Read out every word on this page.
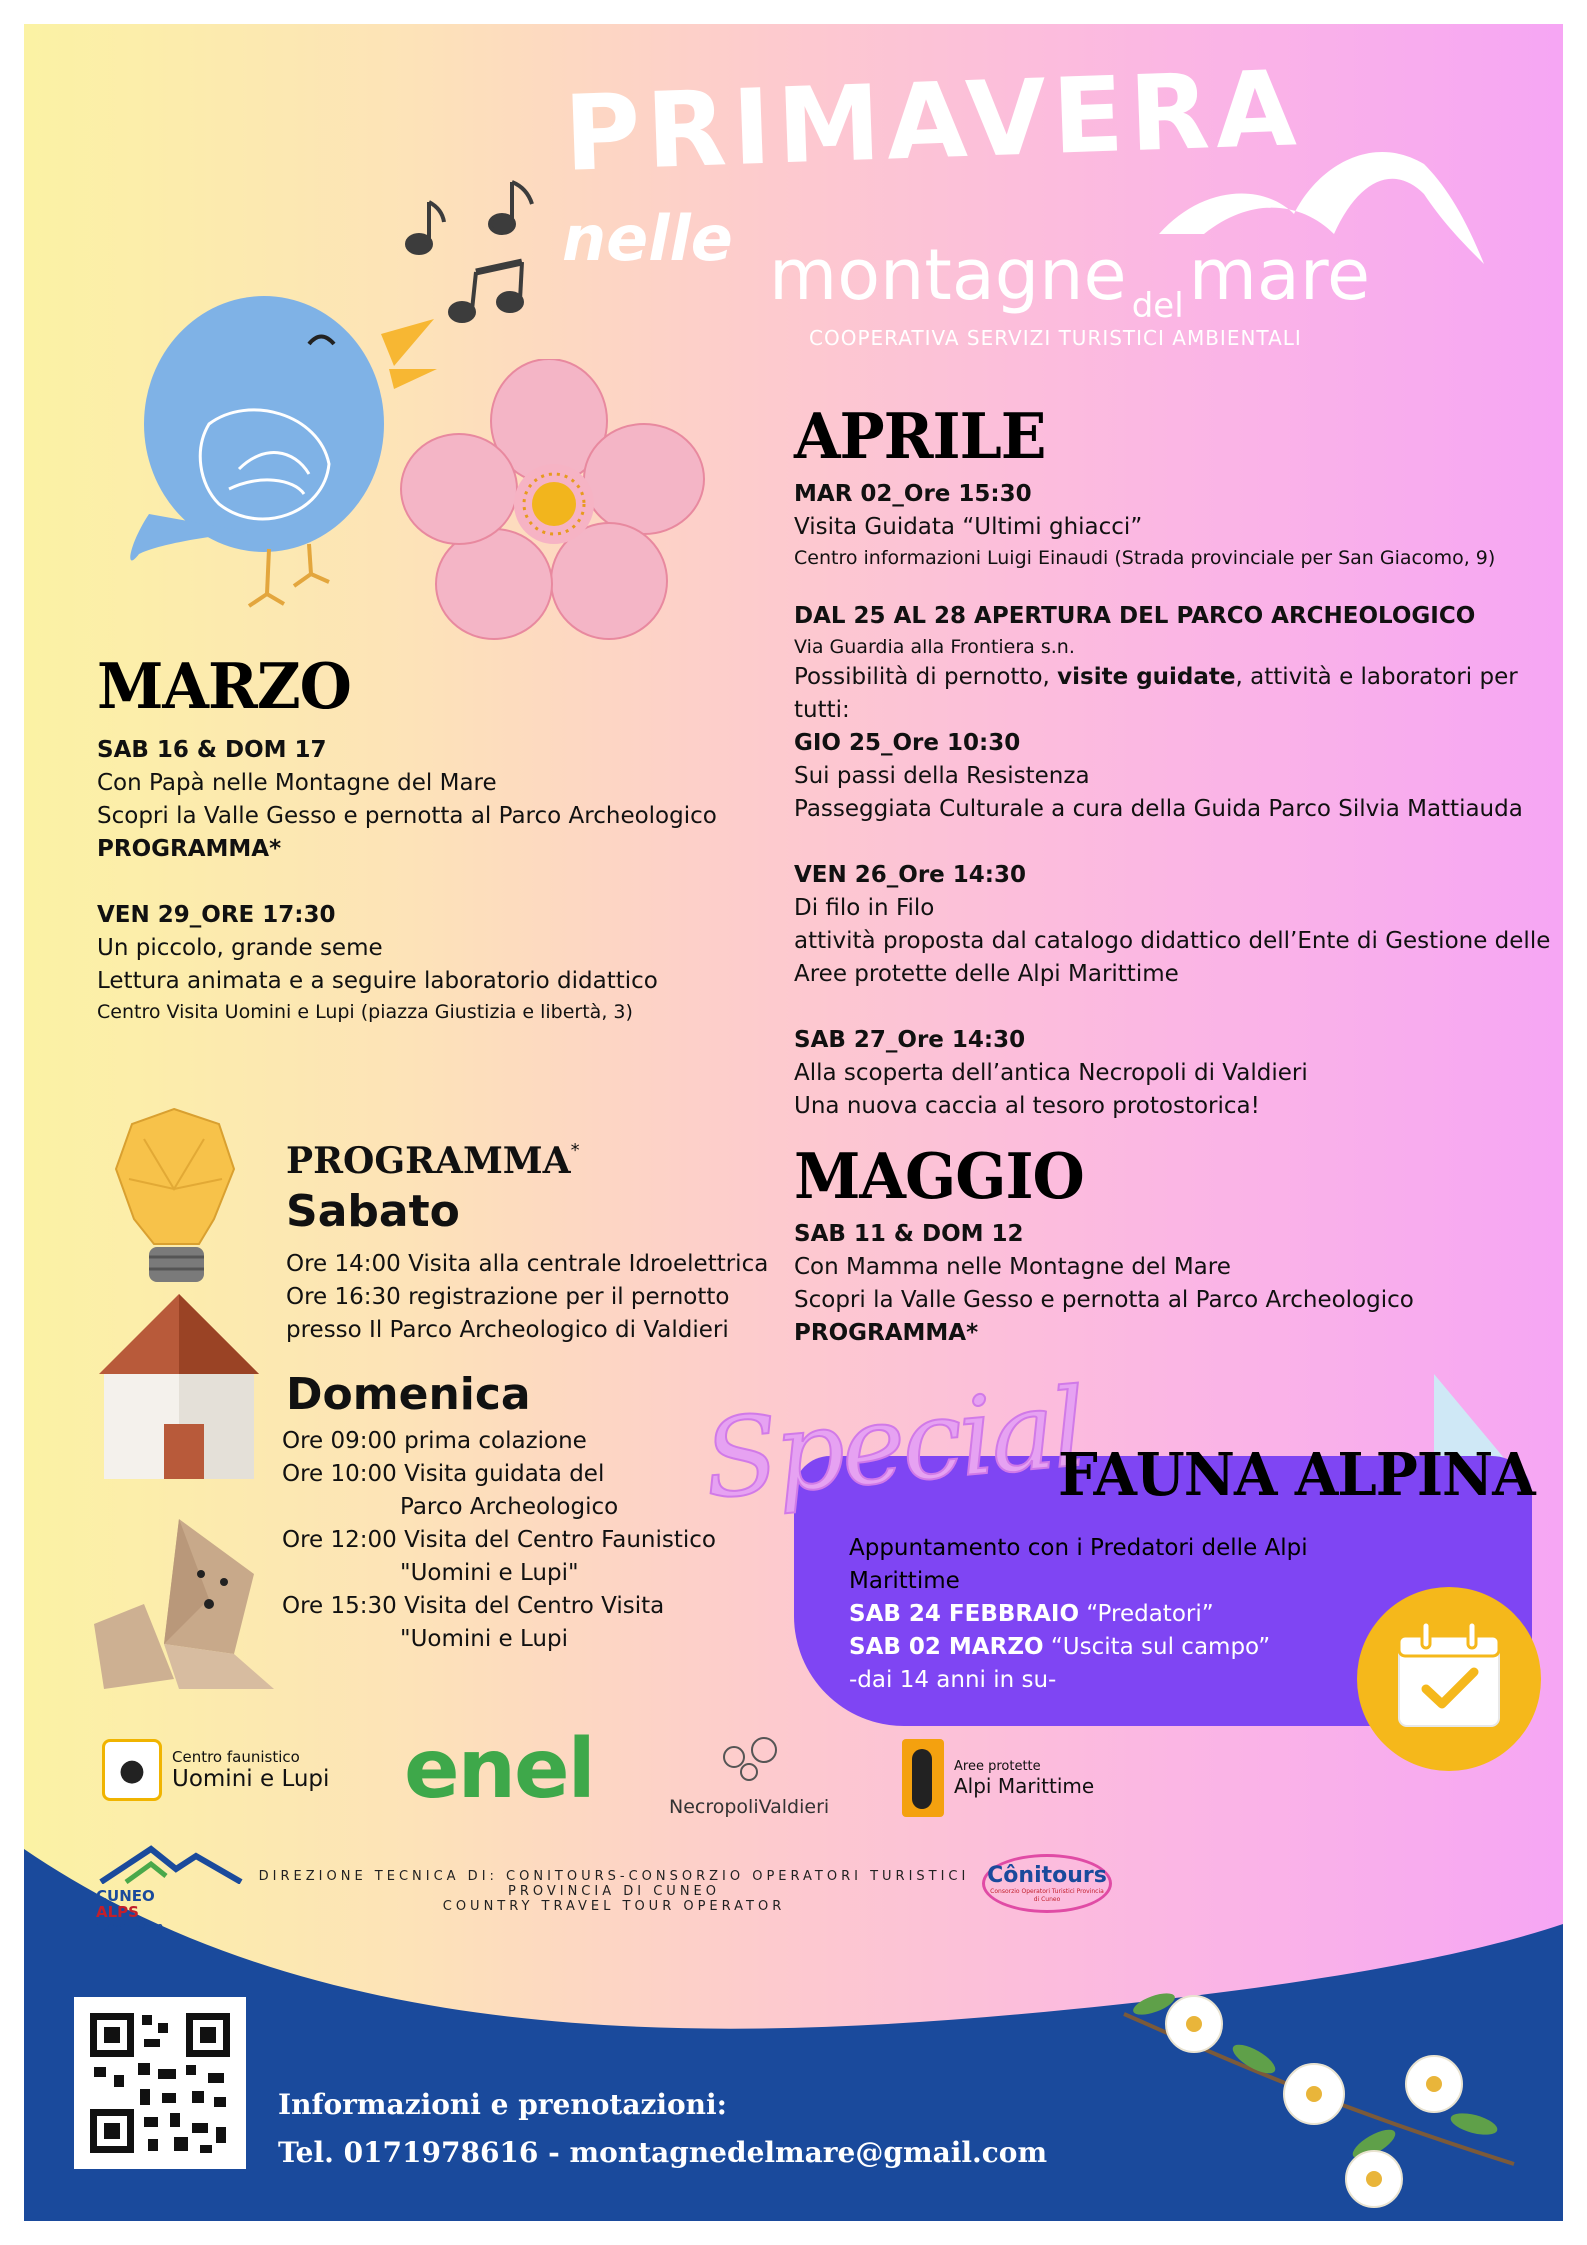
PRIMAVERA
nelle montagne del mare
COOPERATIVA SERVIZI TURISTICI AMBIENTALI
MARZO
SAB 16 & DOM 17
Con Papà nelle Montagne del Mare
Scopri la Valle Gesso e pernotta al Parco Archeologico
PROGRAMMA*
VEN 29_ORE 17:30
Un piccolo, grande seme
Lettura animata e a seguire laboratorio didattico
Centro Visita Uomini e Lupi (piazza Giustizia e libertà, 3)
APRILE
MAR 02_Ore 15:30
Visita Guidata “Ultimi ghiacci”
Centro informazioni Luigi Einaudi (Strada provinciale per San Giacomo, 9)
DAL 25 AL 28 APERTURA DEL PARCO ARCHEOLOGICO
Via Guardia alla Frontiera s.n.
Possibilità di pernotto, visite guidate, attività e laboratori per tutti:
GIO 25_Ore 10:30
Sui passi della Resistenza
Passeggiata Culturale a cura della Guida Parco Silvia Mattiauda
VEN 26_Ore 14:30
Di filo in Filo
attività proposta dal catalogo didattico dell’Ente di Gestione delle
Aree protette delle Alpi Marittime
SAB 27_Ore 14:30
Alla scoperta dell’antica Necropoli di Valdieri
Una nuova caccia al tesoro protostorica!
MAGGIO
SAB 11 & DOM 12
Con Mamma nelle Montagne del Mare
Scopri la Valle Gesso e pernotta al Parco Archeologico
PROGRAMMA*
PROGRAMMA*
Sabato
Ore 14:00 Visita alla centrale Idroelettrica
Ore 16:30 registrazione per il pernotto
presso Il Parco Archeologico di Valdieri
Domenica
Ore 09:00 prima colazione
Ore 10:00 Visita guidata del
Parco Archeologico
Ore 12:00 Visita del Centro Faunistico
"Uomini e Lupi"
Ore 15:30 Visita del Centro Visita
"Uomini e Lupi
Special
FAUNA ALPINA
Appuntamento con i Predatori delle Alpi Marittime
SAB 24 FEBBRAIO “Predatori”
SAB 02 MARZO “Uscita sul campo”
-dai 14 anni in su-
●	Centro faunistico
Uomini e Lupi enel	NecropoliValdieri
Aree protette
Alpi Marittime
CUNEO
ALPS
Experience
DIREZIONE TECNICA DI: CONITOURS-CONSORZIO OPERATORI TURISTICI
PROVINCIA DI CUNEO
COUNTRY TRAVEL TOUR OPERATOR
Cônitours
Consorzio Operatori Turistici Provincia di Cuneo
Informazioni e prenotazioni:
Tel. 0171978616 - montagnedelmare@gmail.com
